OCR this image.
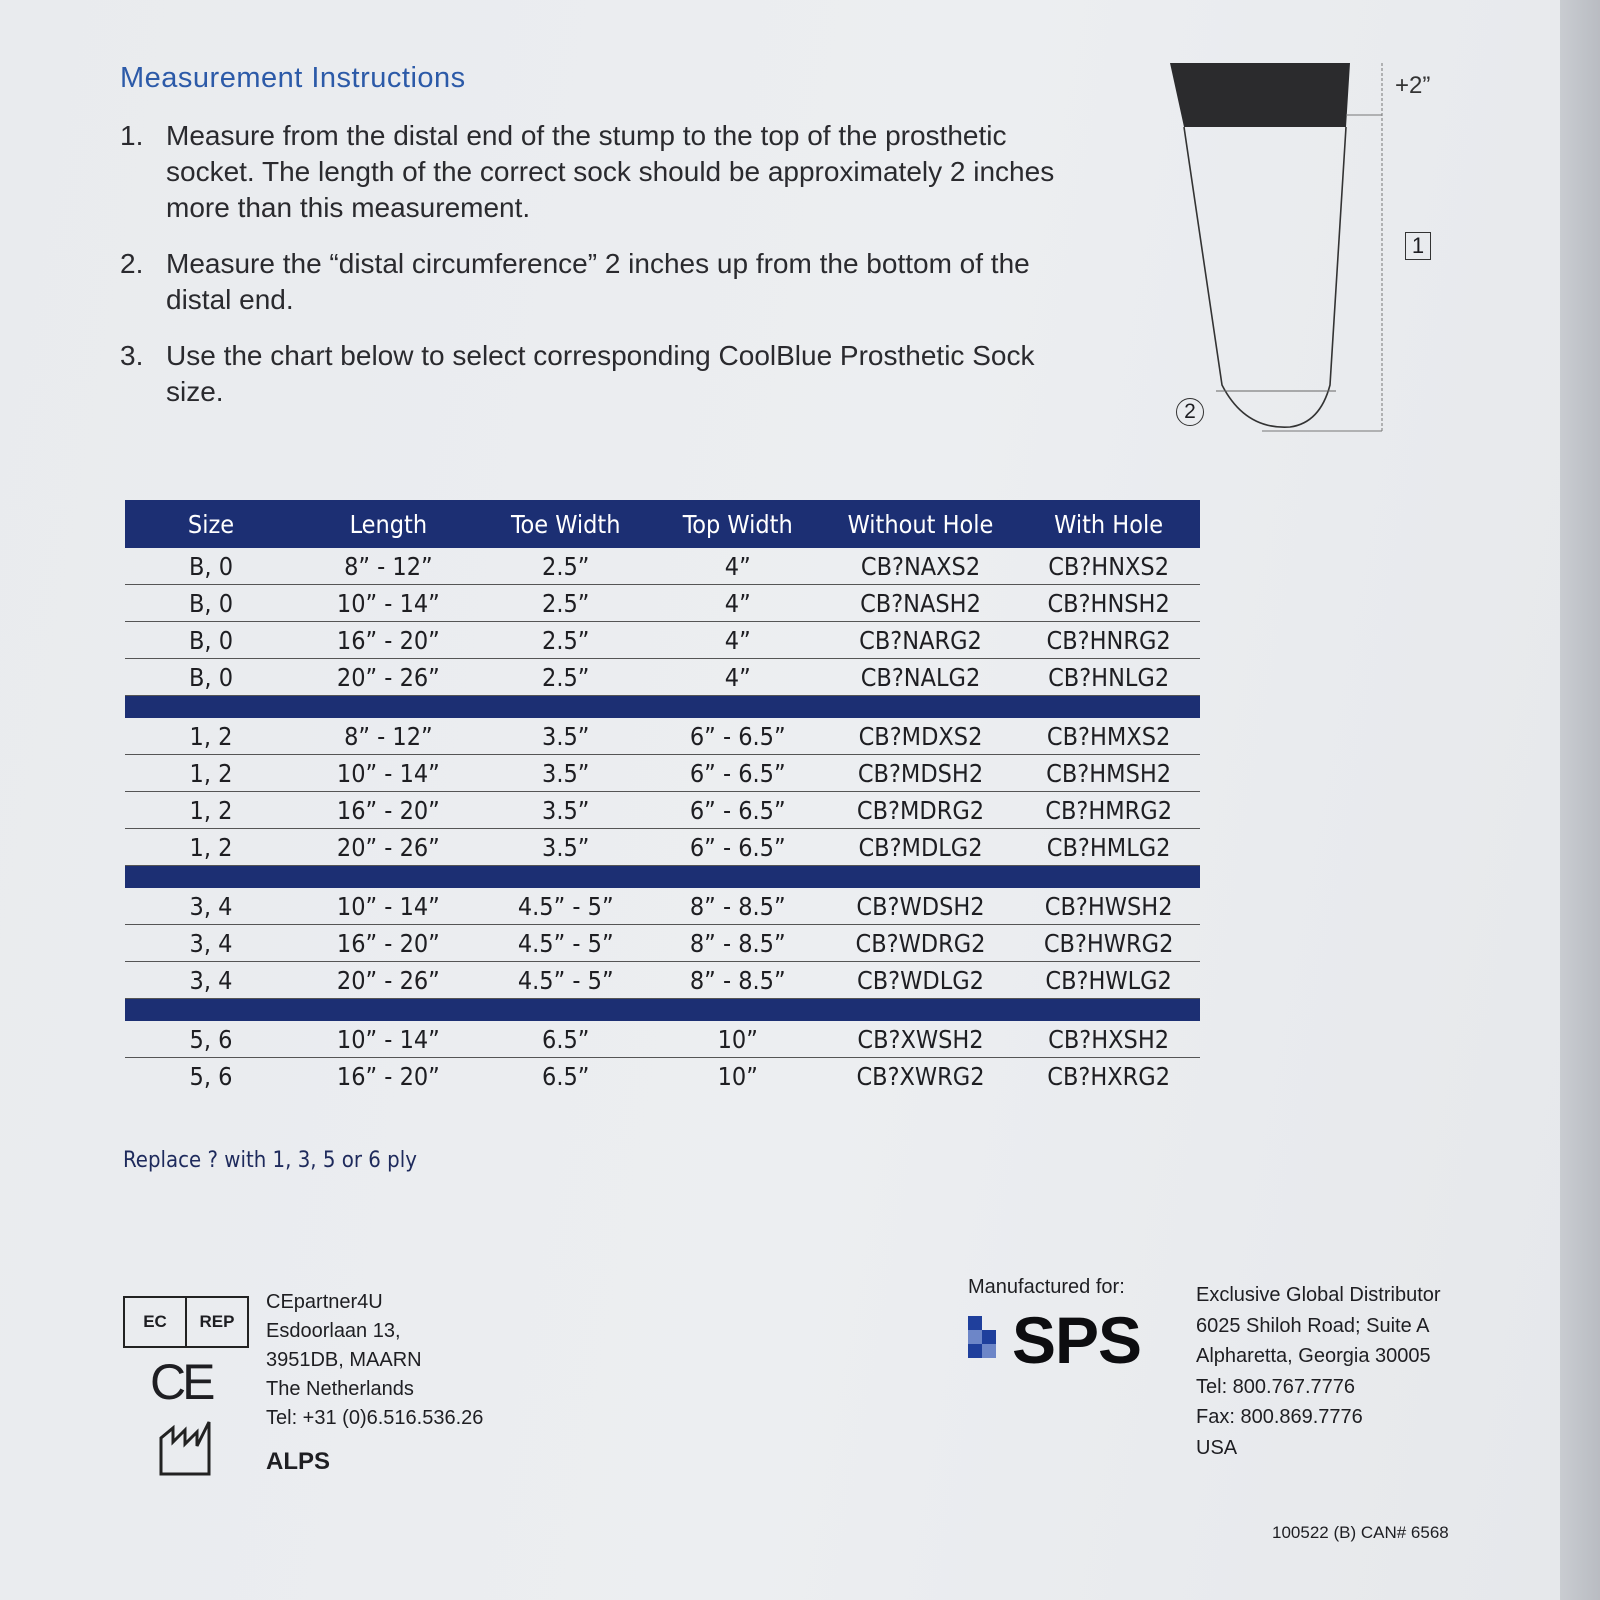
Measurement Instructions
1. Measure from the distal end of the stump to the top of the prosthetic socket. The length of the correct sock should be approximately 2 inches more than this measurement.
2. Measure the “distal circumference” 2 inches up from the bottom of the distal end.
3. Use the chart below to select corresponding CoolBlue Prosthetic Sock size.
+2”
1
2
Size	Length	Toe Width	Top Width	Without Hole	With Hole
B, 0	8” - 12”	2.5”	4”	CB?NAXS2	CB?HNXS2
B, 0	10” - 14”	2.5”	4”	CB?NASH2	CB?HNSH2
B, 0	16” - 20”	2.5”	4”	CB?NARG2	CB?HNRG2
B, 0	20” - 26”	2.5”	4”	CB?NALG2	CB?HNLG2

1, 2	8” - 12”	3.5”	6” - 6.5”	CB?MDXS2	CB?HMXS2
1, 2	10” - 14”	3.5”	6” - 6.5”	CB?MDSH2	CB?HMSH2
1, 2	16” - 20”	3.5”	6” - 6.5”	CB?MDRG2	CB?HMRG2
1, 2	20” - 26”	3.5”	6” - 6.5”	CB?MDLG2	CB?HMLG2

3, 4	10” - 14”	4.5” - 5”	8” - 8.5”	CB?WDSH2	CB?HWSH2
3, 4	16” - 20”	4.5” - 5”	8” - 8.5”	CB?WDRG2	CB?HWRG2
3, 4	20” - 26”	4.5” - 5”	8” - 8.5”	CB?WDLG2	CB?HWLG2

5, 6	10” - 14”	6.5”	10”	CB?XWSH2	CB?HXSH2
5, 6	16” - 20”	6.5”	10”	CB?XWRG2	CB?HXRG2
Replace ? with 1, 3, 5 or 6 ply
EC	REP
CE
CEpartner4U
Esdoorlaan 13,
3951DB, MAARN
The Netherlands
Tel: +31 (0)6.516.536.26
ALPS
Manufactured for:
SPS
Exclusive Global Distributor
6025 Shiloh Road; Suite A
Alpharetta, Georgia 30005
Tel: 800.767.7776
Fax: 800.869.7776
USA
100522 (B) CAN# 6568
